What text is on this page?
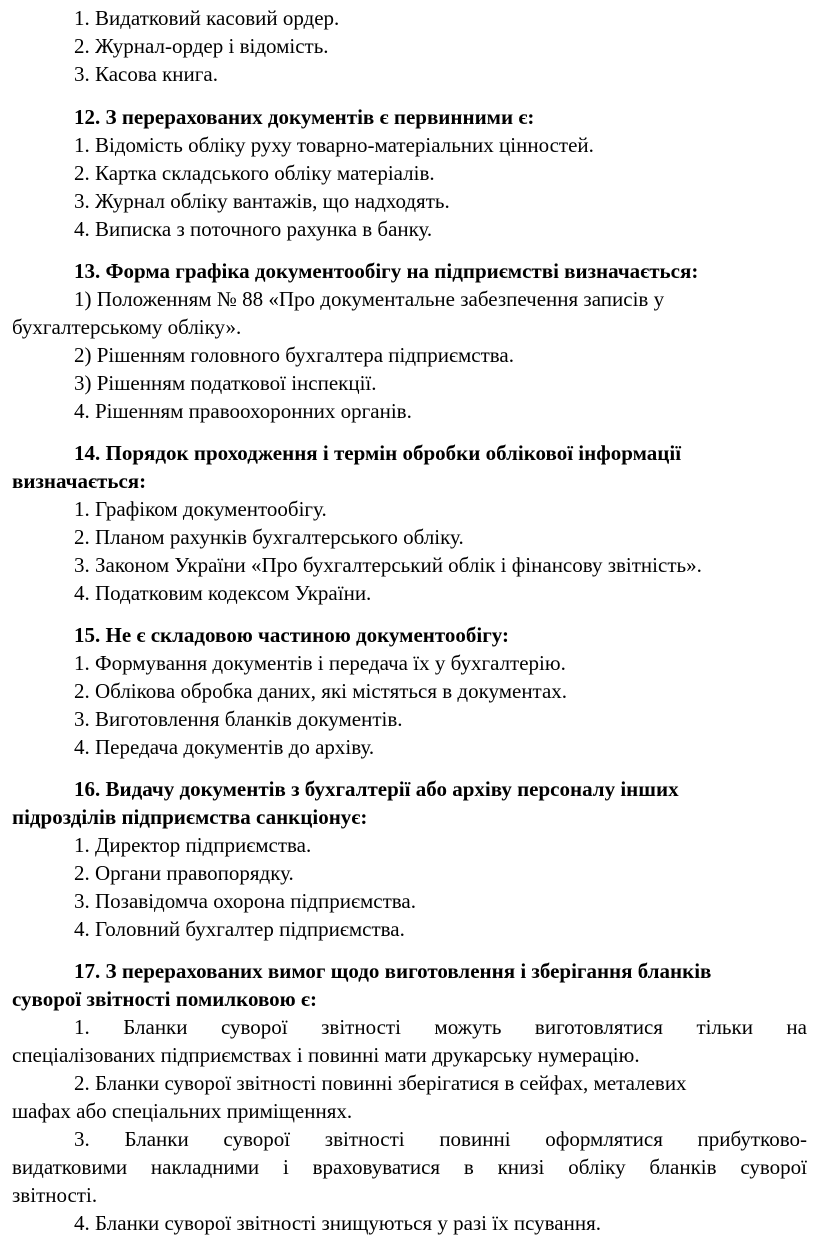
1. Видатковий касовий ордер.
2. Журнал-ордер і відомість.
3. Касова книга.
12. З перерахованих документів є первинними є:
1. Відомість обліку руху товарно-матеріальних цінностей.
2. Картка складського обліку матеріалів.
3. Журнал обліку вантажів, що надходять.
4. Виписка з поточного рахунка в банку.
13. Форма графіка документообігу на підприємстві визначається:
1) Положенням № 88 «Про документальне забезпечення записів у
бухгалтерському обліку».
2) Рішенням головного бухгалтера підприємства.
3) Рішенням податкової інспекції.
4. Рішенням правоохоронних органів.
14. Порядок проходження і термін обробки облікової інформації
визначається:
1. Графіком документообігу.
2. Планом рахунків бухгалтерського обліку.
3. Законом України «Про бухгалтерський облік і фінансову звітність».
4. Податковим кодексом України.
15. Не є складовою частиною документообігу:
1. Формування документів і передача їх у бухгалтерію.
2. Облікова обробка даних, які містяться в документах.
3. Виготовлення бланків документів.
4. Передача документів до архіву.
16. Видачу документів з бухгалтерії або архіву персоналу інших
підрозділів підприємства санкціонує:
1. Директор підприємства.
2. Органи правопорядку.
3. Позавідомча охорона підприємства.
4. Головний бухгалтер підприємства.
17. З перерахованих вимог щодо виготовлення і зберігання бланків
суворої звітності помилковою є:
1. Бланки суворої звітності можуть виготовлятися тільки на
спеціалізованих підприємствах і повинні мати друкарську нумерацію.
2. Бланки суворої звітності повинні зберігатися в сейфах, металевих
шафах або спеціальних приміщеннях.
3. Бланки суворої звітності повинні оформлятися прибутково-
видатковими накладними і враховуватися в книзі обліку бланків суворої
звітності.
4. Бланки суворої звітності знищуються у разі їх псування.
